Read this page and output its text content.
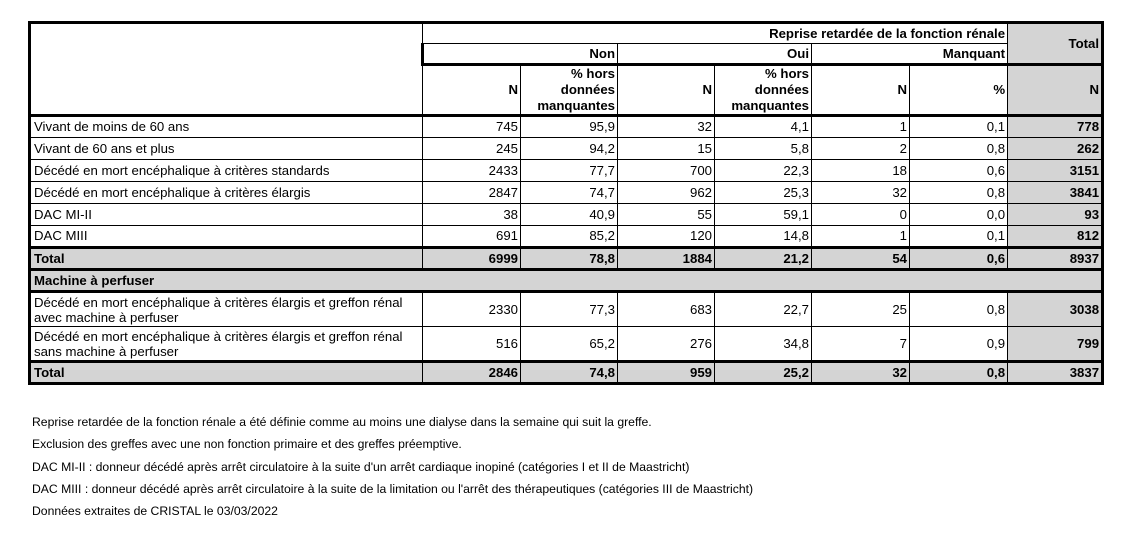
	Reprise retardée de la fonction rénale						Total
	Non		Oui		Manquant		
	N	% hors données manquantes	N	% hors données manquantes	N	%	N
Vivant de moins de 60 ans	745	95,9	32	4,1	1	0,1	778
Vivant de 60 ans et plus	245	94,2	15	5,8	2	0,8	262
Décédé en mort encéphalique à critères standards	2433	77,7	700	22,3	18	0,6	3151
Décédé en mort encéphalique à critères élargis	2847	74,7	962	25,3	32	0,8	3841
DAC MI-II	38	40,9	55	59,1	0	0,0	93
DAC MIII	691	85,2	120	14,8	1	0,1	812
Total	6999	78,8	1884	21,2	54	0,6	8937
Machine à perfuser							
Décédé en mort encéphalique à critères élargis et greffon rénal avec machine à perfuser	2330	77,3	683	22,7	25	0,8	3038
Décédé en mort encéphalique à critères élargis et greffon rénal sans machine à perfuser	516	65,2	276	34,8	7	0,9	799
Total	2846	74,8	959	25,2	32	0,8	3837
Reprise retardée de la fonction rénale a été définie comme au moins une dialyse dans la semaine qui suit la greffe.
Exclusion des greffes avec une non fonction primaire et des greffes préemptive.
DAC MI-II : donneur décédé après arrêt circulatoire à la suite d'un arrêt cardiaque inopiné (catégories I et II de Maastricht)
DAC MIII : donneur décédé après arrêt circulatoire à la suite de la limitation ou l'arrêt des thérapeutiques (catégories III de Maastricht)
Données extraites de CRISTAL le 03/03/2022
